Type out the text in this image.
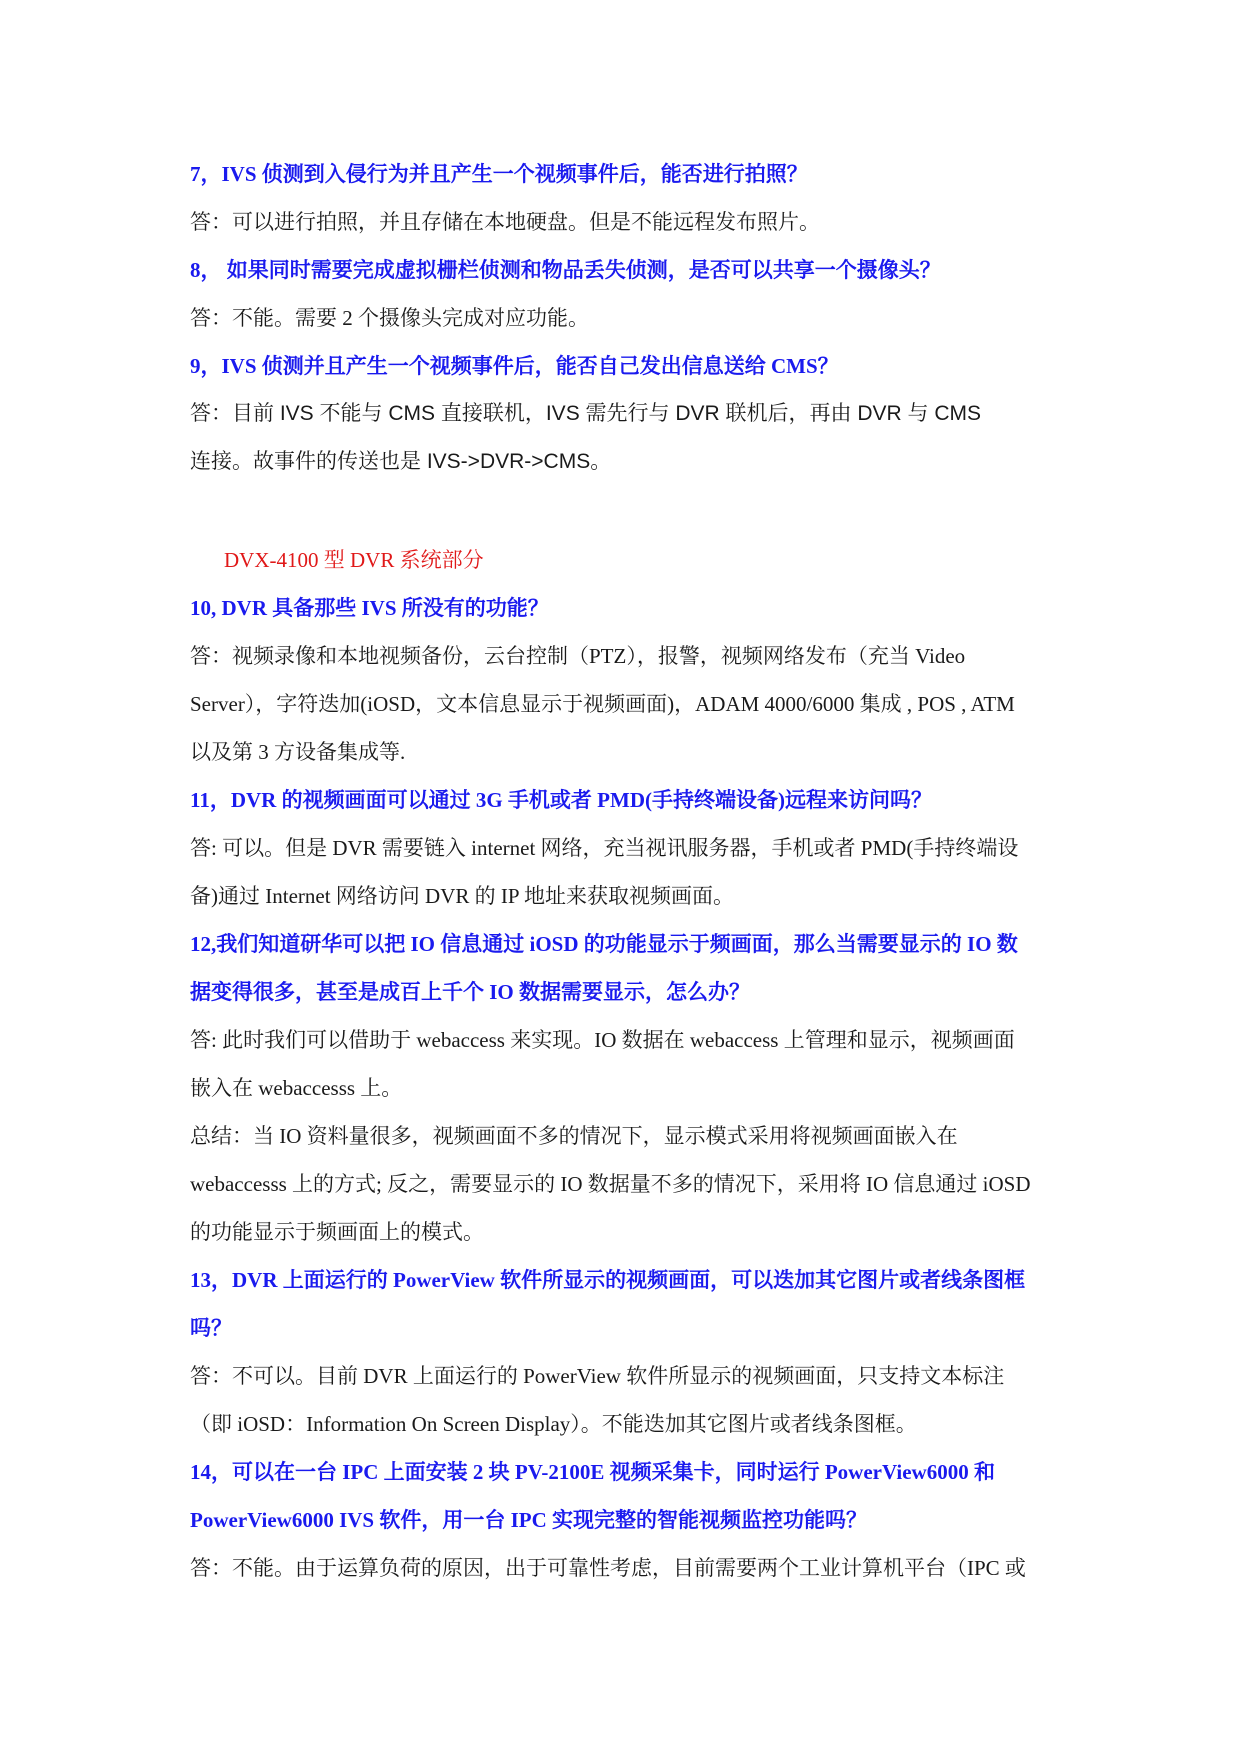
7，IVS 侦测到入侵行为并且产生一个视频事件后，能否进行拍照？
答：可以进行拍照，并且存储在本地硬盘。但是不能远程发布照片。
8， 如果同时需要完成虚拟栅栏侦测和物品丢失侦测，是否可以共享一个摄像头？
答：不能。需要 2 个摄像头完成对应功能。
9，IVS 侦测并且产生一个视频事件后，能否自己发出信息送给 CMS？
答：目前 IVS 不能与 CMS 直接联机，IVS 需先行与 DVR 联机后，再由 DVR 与 CMS
连接。故事件的传送也是 IVS->DVR->CMS。
DVX-4100 型 DVR 系统部分
10, DVR 具备那些 IVS 所没有的功能？
答：视频录像和本地视频备份，云台控制（PTZ），报警，视频网络发布（充当 Video
Server），字符迭加(iOSD，文本信息显示于视频画面)，ADAM 4000/6000 集成 , POS , ATM
以及第 3 方设备集成等.
11，DVR 的视频画面可以通过 3G 手机或者 PMD(手持终端设备)远程来访问吗？
答: 可以。但是 DVR 需要链入 internet 网络，充当视讯服务器，手机或者 PMD(手持终端设
备)通过 Internet 网络访问 DVR 的 IP 地址来获取视频画面。
12,我们知道研华可以把 IO 信息通过 iOSD 的功能显示于频画面，那么当需要显示的 IO 数
据变得很多，甚至是成百上千个 IO 数据需要显示，怎么办？
答: 此时我们可以借助于 webaccess 来实现。IO 数据在 webaccess 上管理和显示，视频画面
嵌入在 webaccesss 上。
总结：当 IO 资料量很多，视频画面不多的情况下，显示模式采用将视频画面嵌入在
webaccesss 上的方式; 反之，需要显示的 IO 数据量不多的情况下，采用将 IO 信息通过 iOSD
的功能显示于频画面上的模式。
13，DVR 上面运行的 PowerView 软件所显示的视频画面，可以迭加其它图片或者线条图框
吗？
答：不可以。目前 DVR 上面运行的 PowerView 软件所显示的视频画面，只支持文本标注
（即 iOSD：Information On Screen Display）。不能迭加其它图片或者线条图框。
14，可以在一台 IPC 上面安装 2 块 PV-2100E 视频采集卡，同时运行 PowerView6000 和
PowerView6000 IVS 软件，用一台 IPC 实现完整的智能视频监控功能吗？
答：不能。由于运算负荷的原因，出于可靠性考虑，目前需要两个工业计算机平台（IPC 或
